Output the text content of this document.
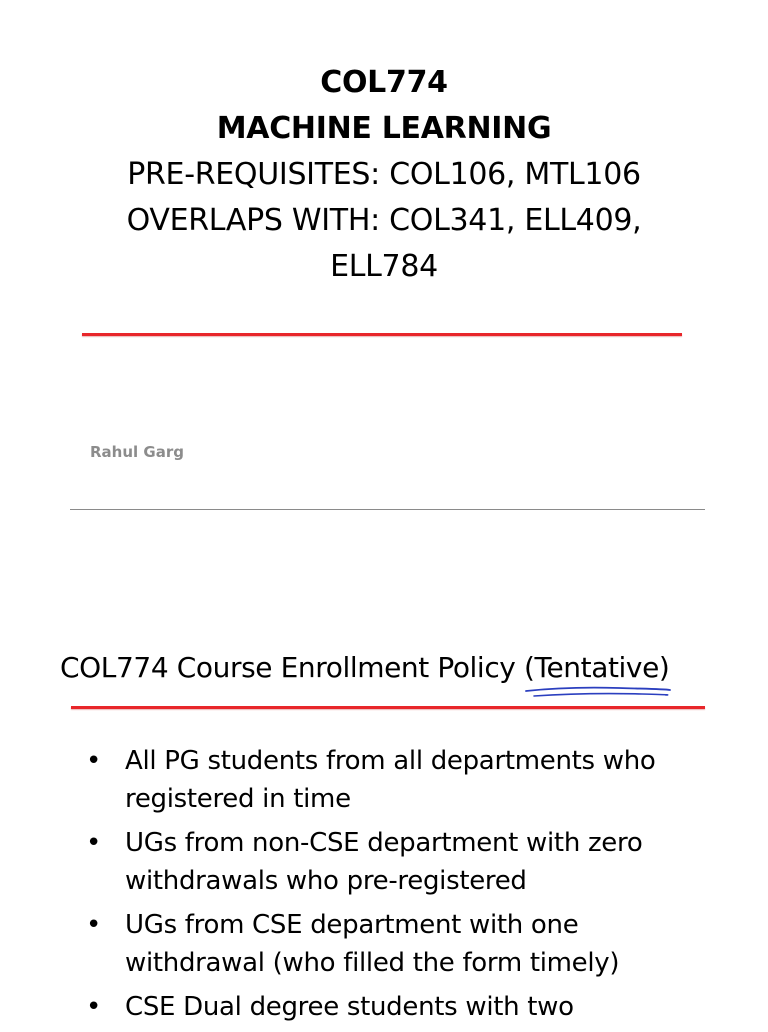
COL774
MACHINE LEARNING
PRE-REQUISITES: COL106, MTL106
OVERLAPS WITH: COL341, ELL409,
ELL784
Rahul Garg
COL774 Course Enrollment Policy (Tentative)
• All PG students from all departments who
registered in time
• UGs from non-CSE department with zero
withdrawals who pre-registered
• UGs from CSE department with one
withdrawal (who filled the form timely)
• CSE Dual degree students with two
